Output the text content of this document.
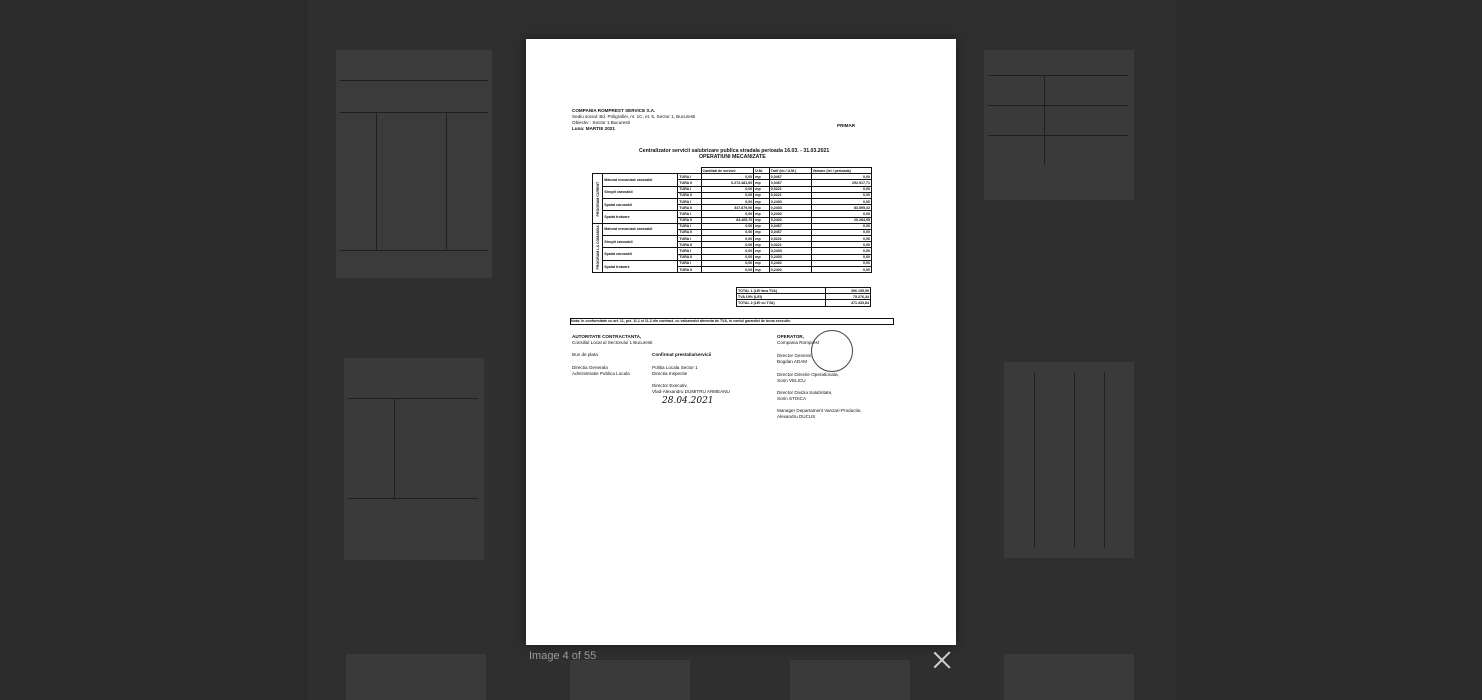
COMPANIA ROMPREST SERVICE S.A.
Sediu social: Bd. Poligrafiei, nr. 1C, et. 5, Sector 1, Bucuresti
Obiectiv : Sector 1 Bucuresti
Luna: MARTIE 2021
PRIMAR
Centralizator servicii salubrizare publica stradala perioada 16.03. - 31.03.2021
OPERATIUNI MECANIZATE
			Cantitati de servicii	U.M.	Tarif (lei / U.M.)	Valoare (lei / perioada)
PROGRAM CURENT	Maturat mecanizat carosabil	TURA I	0,00	mp	0,0467	0,00
		TURA II	6.272.481,60	mp	0,0467	292.917,71
	Stropit carosabil	TURA I	0,00	mp	0,0221	0,00
		TURA II	0,00	mp	0,0221	0,00
	Spalat carosabil	TURA I	0,00	mp	0,2403	0,00
		TURA II	347.879,00	mp	0,2403	83.595,32
	Spalat trotuare	TURA I	0,00	mp	0,2402	0,00
		TURA II	84.465,70	mp	0,2402	20.284,95
PROGRAM LA COMANDA	Maturat mecanizat carosabil	TURA I	0,00	mp	0,0467	0,00
		TURA II	0,00	mp	0,0467	0,00
	Stropit carosabil	TURA I	0,00	mp	0,0221	0,00
		TURA II	0,00	mp	0,0221	0,00
	Spalat carosabil	TURA I	0,00	mp	0,2403	0,00
		TURA II	0,00	mp	0,2403	0,00
	Spalat trotuare	TURA I	0,00	mp	0,2402	0,00
		TURA II	0,00	mp	0,2402	0,00
TOTAL 1 (LEI fara TVA)	396.155,59
TVA 19% (LEI)	75.276,34
TOTAL 2 (LEI cu TVA)	471.433,84
Nota: In conformitate cu art. 11, pct. 11.1 si 11.2 din contract, cu valoarea/zi aferenta de TVA, in contul garantiei de buna executie.
AUTORITATE CONTRACTANTA,
Consiliul Local al Sectorului 1 Bucuresti
Bun de plata
Directia Generala
Administratie Publica Locala
Confirmat prestatia/servicii
Politia Locala Sector 1
Directia Inspectie
Director Executiv,
Vlad-Alexandru DUMITRU ARMEANU
28.04.2021
OPERATOR,
Compania Romprest
Director General,
Bogdan ADAM
Director Directie Operationala,
Sorin VELICU
Director Divizia Salubritate,
Sorin STOICA
Manager Departament Vanzari-Productie,
Alexandru DUCUS
Image 4 of 55
